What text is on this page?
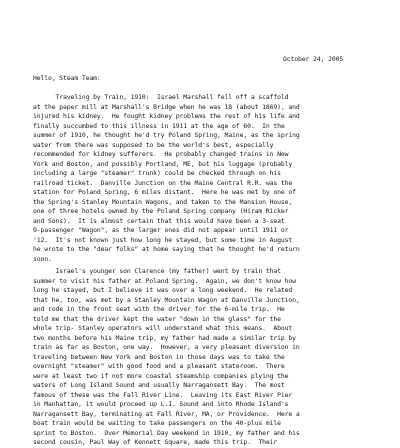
October 24, 2005
Hello, Steam Team:
Traveling by Train, 1910:  Israel Marshall fell off a scaffold
at the paper mill at Marshall's Bridge when he was 18 (about 1869), and
injured his kidney.  He fought kidney problems the rest of his life and
finally succumbed to this illness in 1911 at the age of 60.  In the
summer of 1910, he thought he'd try Poland Spring, Maine, as the spring
water from there was supposed to be the world's best, especially
recommended for kidney sufferers.  He probably changed trains in New
York and Boston, and possibly Portland, ME, but his luggage (probably
including a large "steamer" trunk) could be checked through on his
railroad ticket.  Danville Junction on the Maine Central R.R. was the
station for Poland Spring, 6 miles distant.  Here he was met by one of
the Spring's Stanley Mountain Wagons, and taken to the Mansion House,
one of three hotels owned by the Poland Spring company (Hiram Ricker
and Sons).  It is almost certain that this would have been a 3-seat
9-passenger "Wagon", as the larger ones did not appear until 1911 or
'12.  It's not known just how long he stayed, but some time in August
he wrote to the "dear folks" at home saying that he thought he'd return
soon.
Israel's younger son Clarence (my father) went by train that
summer to visit his father at Poland Spring.  Again, we don't know how
long he stayed, but I believe it was over a long weekend.  He related
that he, too, was met by a Stanley Mountain Wagon at Danville Junction,
and rode in the front seat with the driver for the 6-mile trip.  He
told me that the driver kept the water "down in the glass" for the
whole trip- Stanley operators will understand what this means.  About
two months before his Maine trip, my father had made a similar trip by
train as far as Boston, one way.  However, a very pleasant diversion in
traveling between New York and Boston in those days was to take the
overnight "steamer" with good food and a pleasant stateroom.  There
were at least two if not more coastal steamship companies plying the
waters of Long Island Sound and usually Narragansett Bay.  The most
famous of these was the Fall River Line.  Leaving its East River Pier
in Manhattan, it would proceed up L.I. Sound and into Rhode Island's
Narragansett Bay, terminating at Fall River, MA, or Providence.  Here a
boat train would be waiting to take passengers on the 40-plus mile
sprint to Boston.  Over Memorial Day weekend in 1910, my father and his
second cousin, Paul Way of Kennett Square, made this trip.  Their
